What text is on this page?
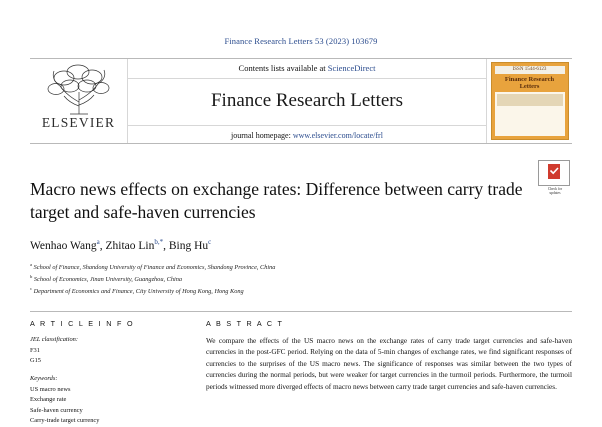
Finance Research Letters 53 (2023) 103679
ELSEVIER
Contents lists available at ScienceDirect
Finance Research Letters
journal homepage: www.elsevier.com/locate/frl
ISSN 1544-6123
Finance Research Letters
Check for
updates
Macro news effects on exchange rates: Difference between carry trade target and safe-haven currencies
Wenhao Wang$^a$, Zhitao Lin$^{b,*}$, Bing Hu$^c$
$^a$ School of Finance, Shandong University of Finance and Economics, Shandong Province, China
$^b$ School of Economics, Jinan University, Guangzhou, China
$^c$ Department of Economics and Finance, City University of Hong Kong, Hong Kong
A R T I C L E I N F O
JEL classification:
F31
G15
Keywords:
US macro news
Exchange rate
Safe-haven currency
Carry-trade target currency
A B S T R A C T
We compare the effects of the US macro news on the exchange rates of carry trade target currencies and safe-haven currencies in the post-GFC period. Relying on the data of 5-min changes of exchange rates, we find significant responses of currencies to the surprises of the US macro news. The significance of responses was similar between the two types of currencies during the normal periods, but were weaker for target currencies in the turmoil periods. Furthermore, the turmoil periods witnessed more diverged effects of macro news between carry trade target currencies and safe-haven currencies.
